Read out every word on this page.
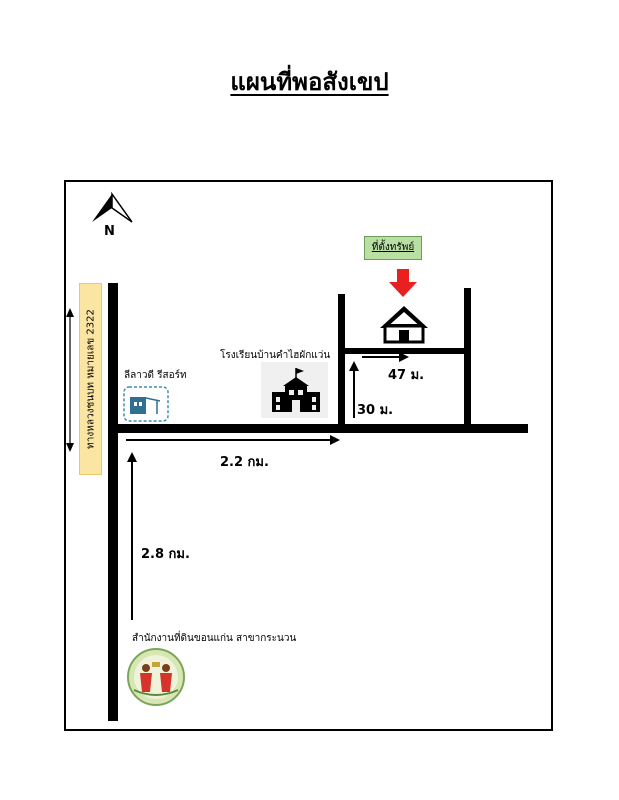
แผนที่พอสังเขป
N
ทางหลวงชนบท หมายเลข 2322
ที่ตั้งทรัพย์
ลีลาวดี รีสอร์ท
โรงเรียนบ้านคำไฮผักแว่น
สำนักงานที่ดินขอนแก่น สาขากระนวน
2.2 กม.
2.8 กม.
30 ม.
47 ม.
